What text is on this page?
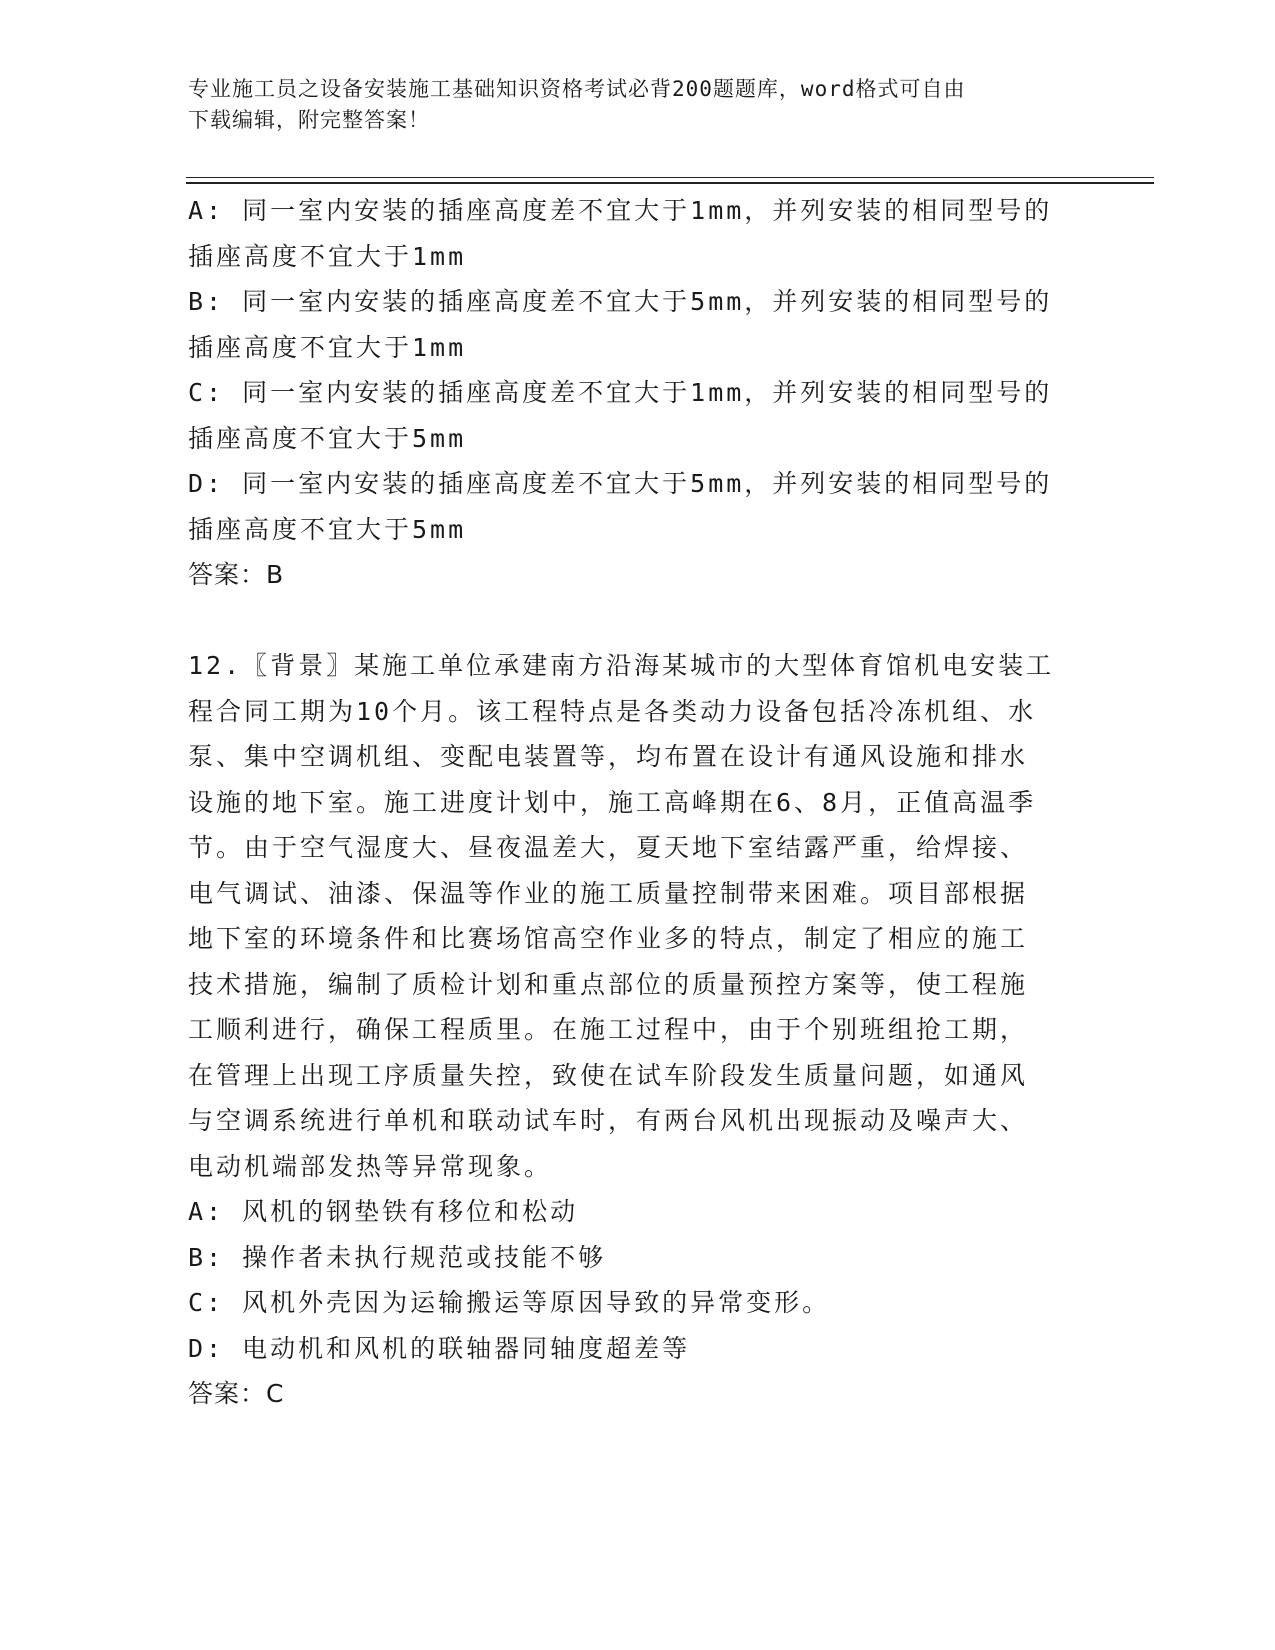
专业施工员之设备安装施工基础知识资格考试必背200题题库，word格式可自由
下载编辑，附完整答案！
A: 同一室内安装的插座高度差不宜大于1mm，并列安装的相同型号的
插座高度不宜大于1mm
B: 同一室内安装的插座高度差不宜大于5mm，并列安装的相同型号的
插座高度不宜大于1mm
C: 同一室内安装的插座高度差不宜大于1mm，并列安装的相同型号的
插座高度不宜大于5mm
D: 同一室内安装的插座高度差不宜大于5mm，并列安装的相同型号的
插座高度不宜大于5mm
答案：B
12.〖背景〗某施工单位承建南方沿海某城市的大型体育馆机电安装工
程合同工期为10个月。该工程特点是各类动力设备包括冷冻机组、水
泵、集中空调机组、变配电装置等，均布置在设计有通风设施和排水
设施的地下室。施工进度计划中，施工高峰期在6、8月，正值高温季
节。由于空气湿度大、昼夜温差大，夏天地下室结露严重，给焊接、
电气调试、油漆、保温等作业的施工质量控制带来困难。项目部根据
地下室的环境条件和比赛场馆高空作业多的特点，制定了相应的施工
技术措施，编制了质检计划和重点部位的质量预控方案等，使工程施
工顺利进行，确保工程质里。在施工过程中，由于个别班组抢工期，
在管理上出现工序质量失控，致使在试车阶段发生质量问题，如通风
与空调系统进行单机和联动试车时，有两台风机出现振动及噪声大、
电动机端部发热等异常现象。
A: 风机的钢垫铁有移位和松动
B: 操作者未执行规范或技能不够
C: 风机外壳因为运输搬运等原因导致的异常变形。
D: 电动机和风机的联轴器同轴度超差等
答案：C
